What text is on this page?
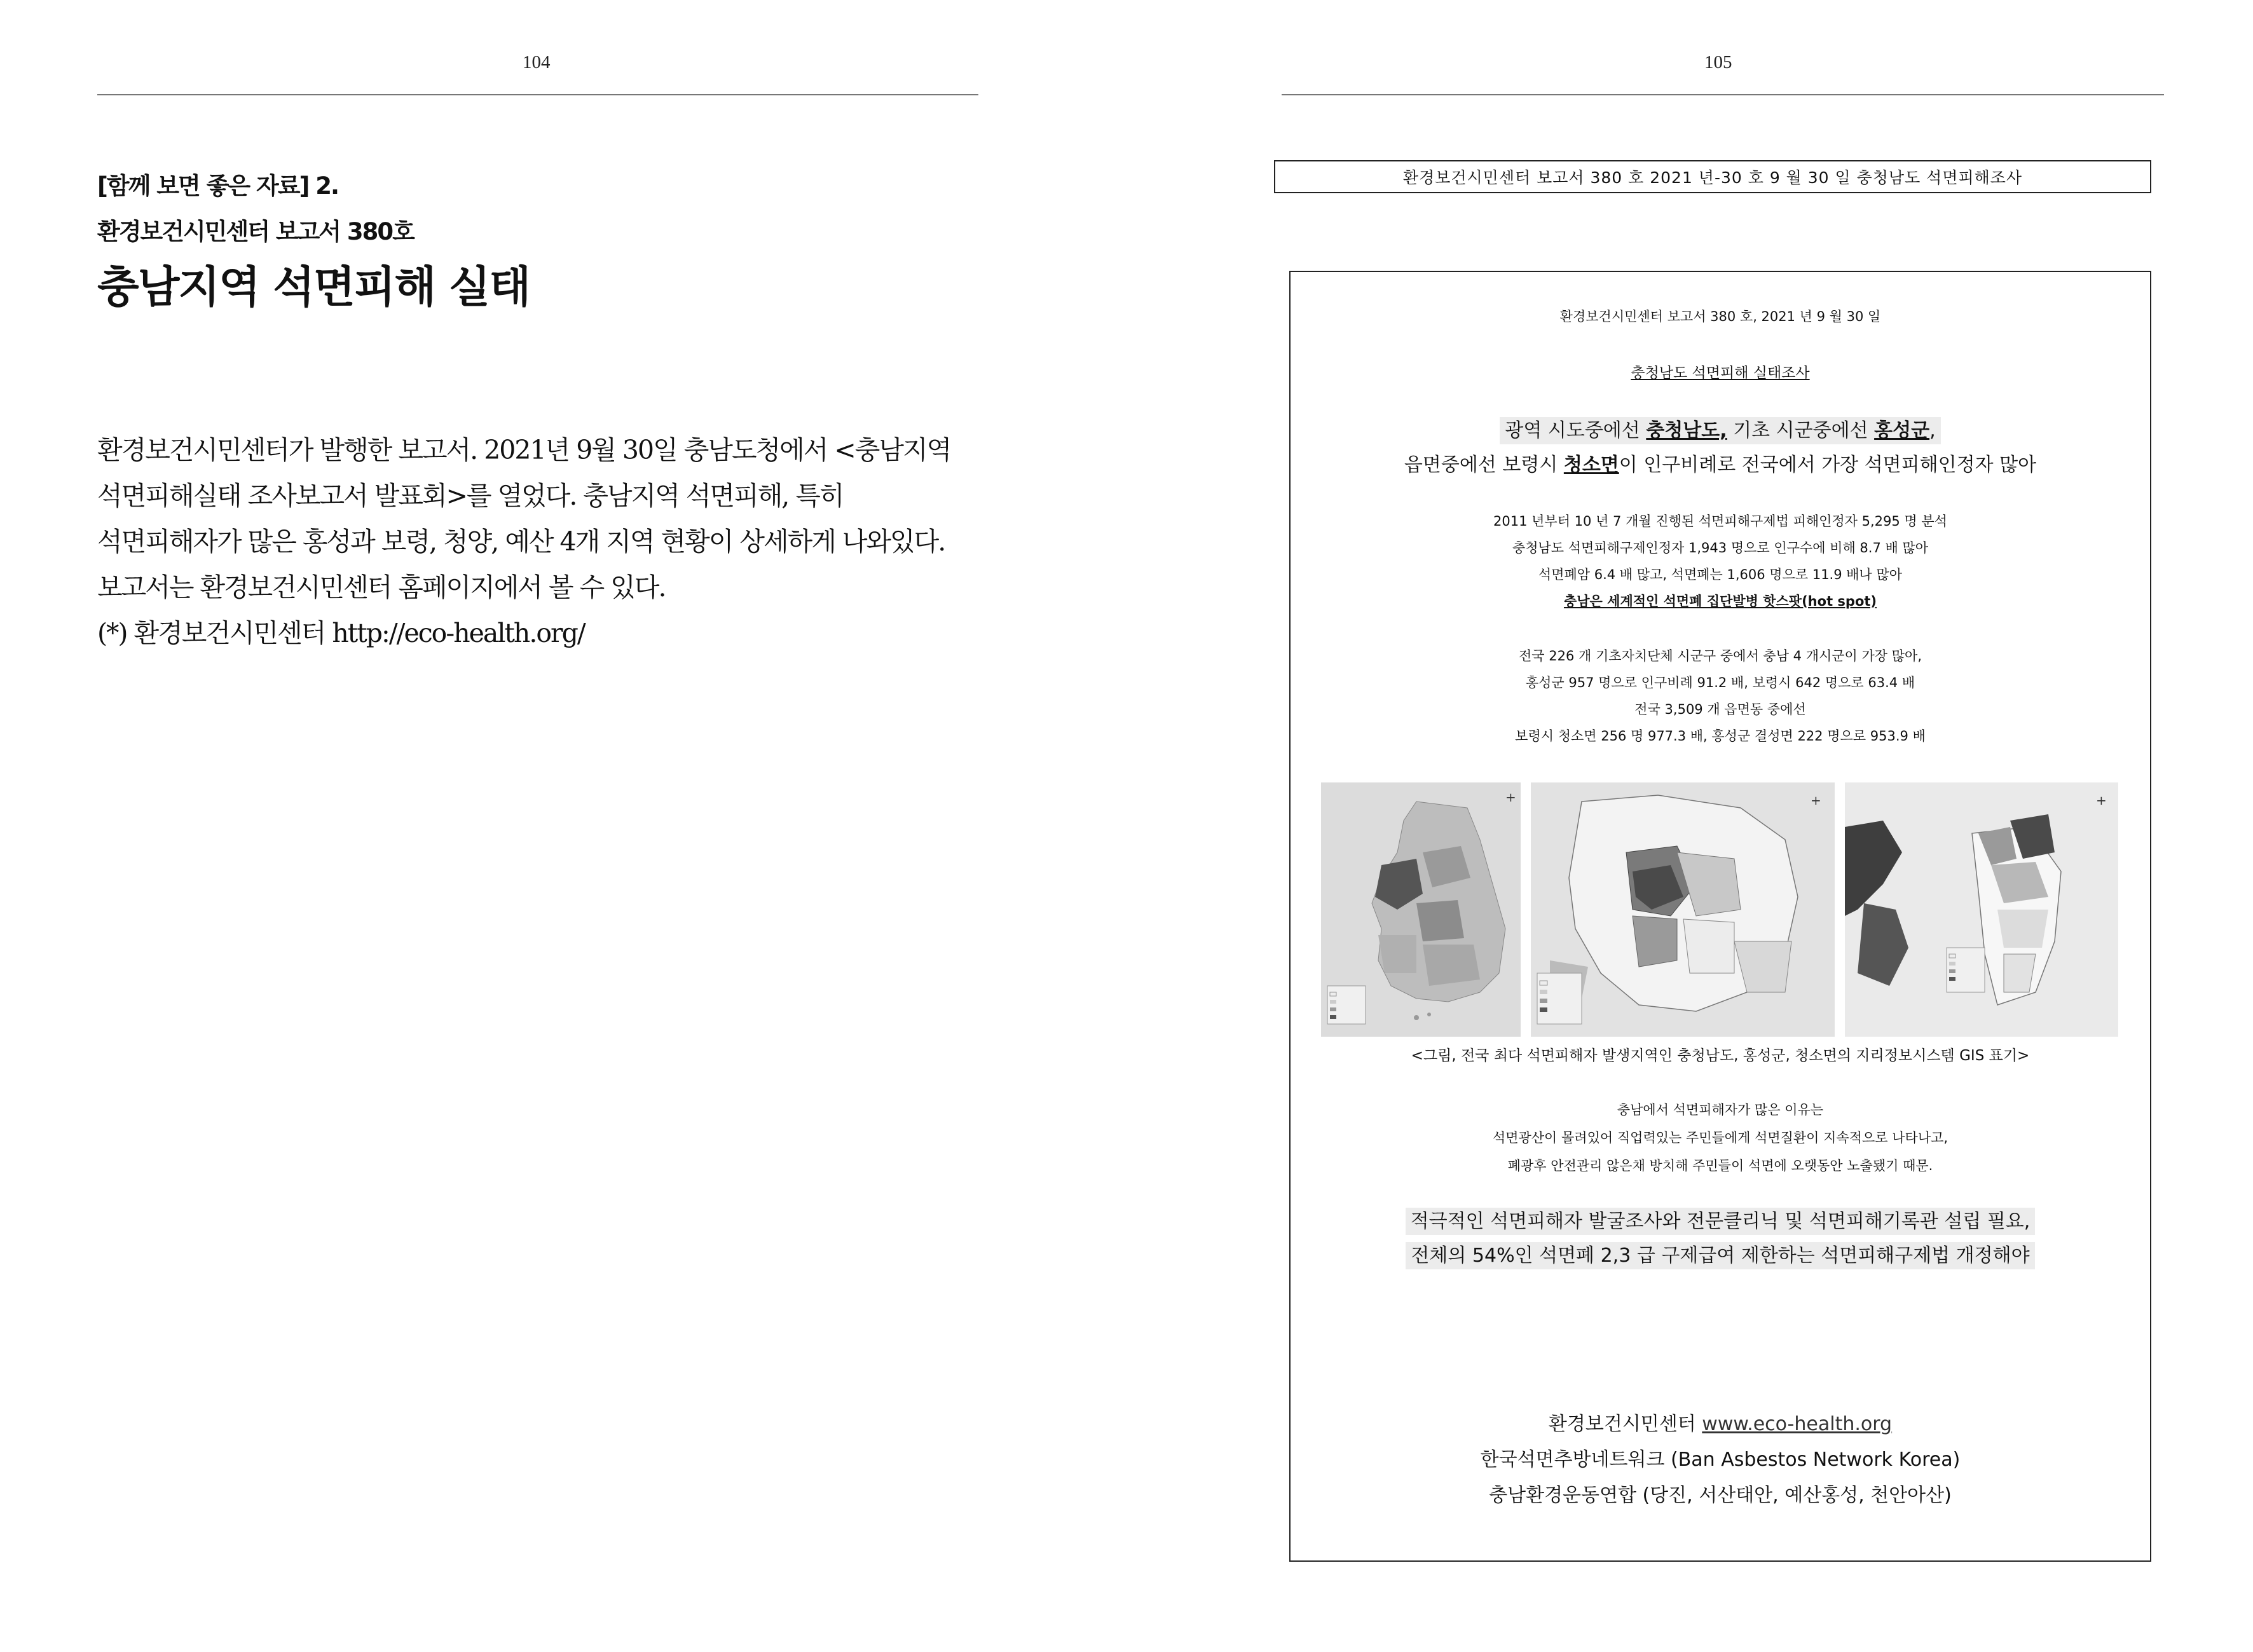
104
[함께 보면 좋은 자료] 2.
환경보건시민센터 보고서 380호
충남지역 석면피해 실태

환경보건시민센터가 발행한 보고서. 2021년 9월 30일 충남도청에서 <충남지역

석면피해실태 조사보고서 발표회>를 열었다. 충남지역 석면피해, 특히

석면피해자가 많은 홍성과 보령, 청양, 예산 4개 지역 현황이 상세하게 나와있다.

보고서는 환경보건시민센터 홈페이지에서 볼 수 있다.

(*) 환경보건시민센터 http://eco-health.org/

105
환경보건시민센터 보고서 380 호 2021 년-30 호 9 월 30 일 충청남도 석면피해조사
환경보건시민센터 보고서 380 호, 2021 년 9 월 30 일
충청남도 석면피해 실태조사
광역 시도중에선 충청남도, 기초 시군중에선 홍성군,
읍면중에선 보령시 청소면이 인구비례로 전국에서 가장 석면피해인정자 많아
2011 년부터 10 년 7 개월 진행된 석면피해구제법 피해인정자 5,295 명 분석
충청남도 석면피해구제인정자 1,943 명으로 인구수에 비해 8.7 배 많아
석면폐암 6.4 배 많고, 석면폐는 1,606 명으로 11.9 배나 많아
충남은 세계적인 석면폐 집단발병 핫스팟(hot spot)
전국 226 개 기초자치단체 시군구 중에서 충남 4 개시군이 가장 많아,
홍성군 957 명으로 인구비례 91.2 배, 보령시 642 명으로 63.4 배
전국 3,509 개 읍면동 중에선
보령시 청소면 256 명 977.3 배, 홍성군 결성면 222 명으로 953.9 배
+	+	+
<그림, 전국 최다 석면피해자 발생지역인 충청남도, 홍성군, 청소면의 지리정보시스템 GIS 표기>
충남에서 석면피해자가 많은 이유는
석면광산이 몰려있어 직업력있는 주민들에게 석면질환이 지속적으로 나타나고,
폐광후 안전관리 않은채 방치해 주민들이 석면에 오랫동안 노출됐기 때문.
적극적인 석면피해자 발굴조사와 전문클리닉 및 석면피해기록관 설립 필요,
전체의 54%인 석면폐 2,3 급 구제급여 제한하는 석면피해구제법 개정해야
환경보건시민센터 www.eco-health.org
한국석면추방네트워크 (Ban Asbestos Network Korea)
충남환경운동연합 (당진, 서산태안, 예산홍성, 천안아산)
